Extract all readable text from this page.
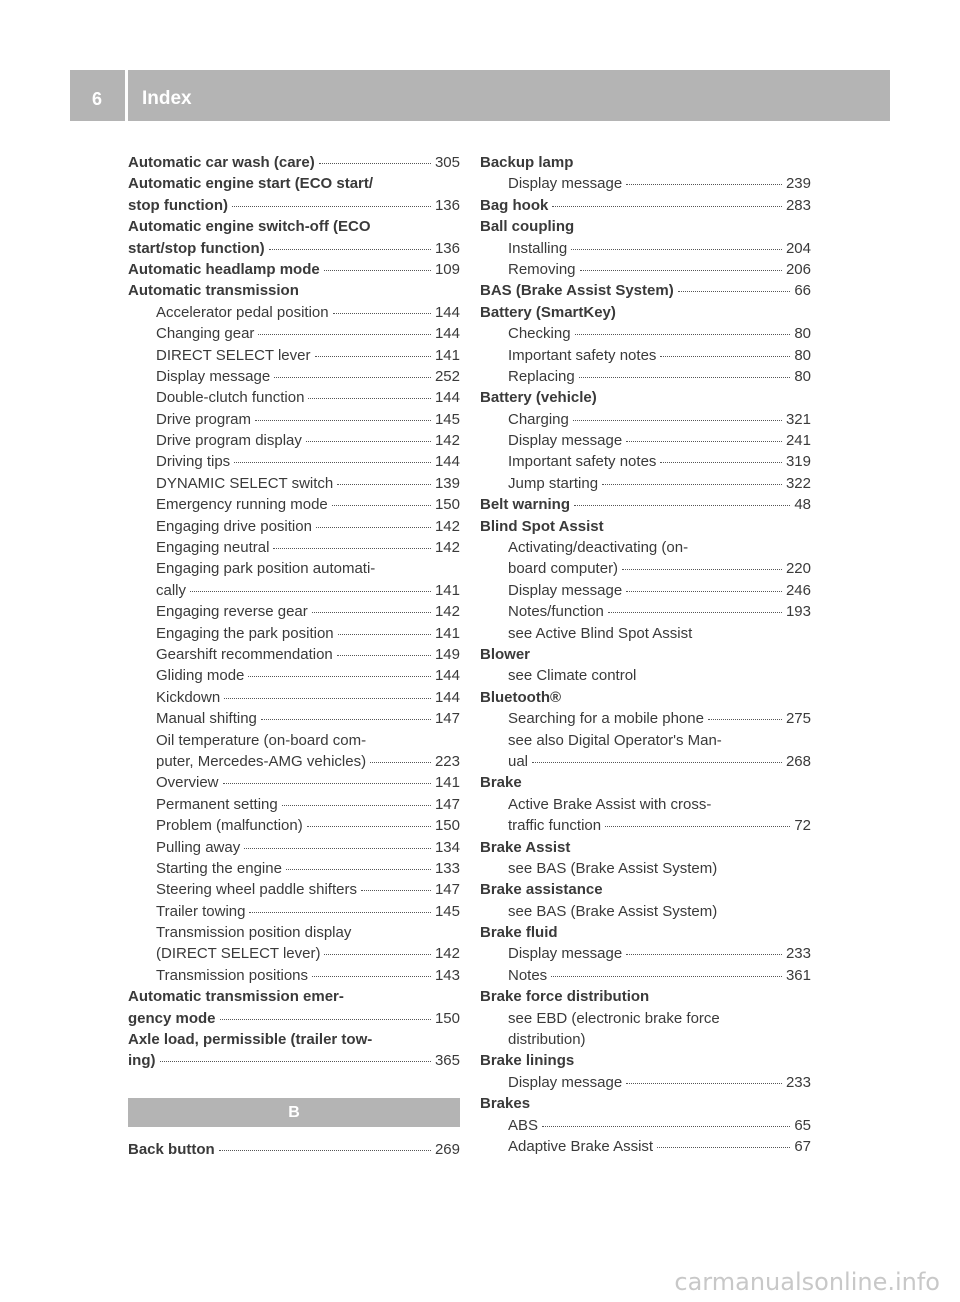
6	Index
Automatic car wash (care)	305
Automatic engine start (ECO start/
stop function)	136
Automatic engine switch-off (ECO
start/stop function)	136
Automatic headlamp mode	109
Automatic transmission
Accelerator pedal position	144
Changing gear	144
DIRECT SELECT lever	141
Display message	252
Double-clutch function	144
Drive program	145
Drive program display	142
Driving tips	144
DYNAMIC SELECT switch	139
Emergency running mode	150
Engaging drive position	142
Engaging neutral	142
Engaging park position automati-
cally	141
Engaging reverse gear	142
Engaging the park position	141
Gearshift recommendation	149
Gliding mode	144
Kickdown	144
Manual shifting	147
Oil temperature (on-board com-
puter, Mercedes-AMG vehicles)	223
Overview	141
Permanent setting	147
Problem (malfunction)	150
Pulling away	134
Starting the engine	133
Steering wheel paddle shifters	147
Trailer towing	145
Transmission position display
(DIRECT SELECT lever)	142
Transmission positions	143
Automatic transmission emer-
gency mode	150
Axle load, permissible (trailer tow-
ing)	365
B
Back button	269
Backup lamp
Display message	239
Bag hook	283
Ball coupling
Installing	204
Removing	206
BAS (Brake Assist System)	66
Battery (SmartKey)
Checking	80
Important safety notes	80
Replacing	80
Battery (vehicle)
Charging	321
Display message	241
Important safety notes	319
Jump starting	322
Belt warning	48
Blind Spot Assist
Activating/deactivating (on-
board computer)	220
Display message	246
Notes/function	193
see Active Blind Spot Assist
Blower
see Climate control
Bluetooth®
Searching for a mobile phone	275
see also Digital Operator's Man-
ual	268
Brake
Active Brake Assist with cross-
traffic function	72
Brake Assist
see BAS (Brake Assist System)
Brake assistance
see BAS (Brake Assist System)
Brake fluid
Display message	233
Notes	361
Brake force distribution
see EBD (electronic brake force
distribution)
Brake linings
Display message	233
Brakes
ABS	65
Adaptive Brake Assist	67
carmanualsonline.info
